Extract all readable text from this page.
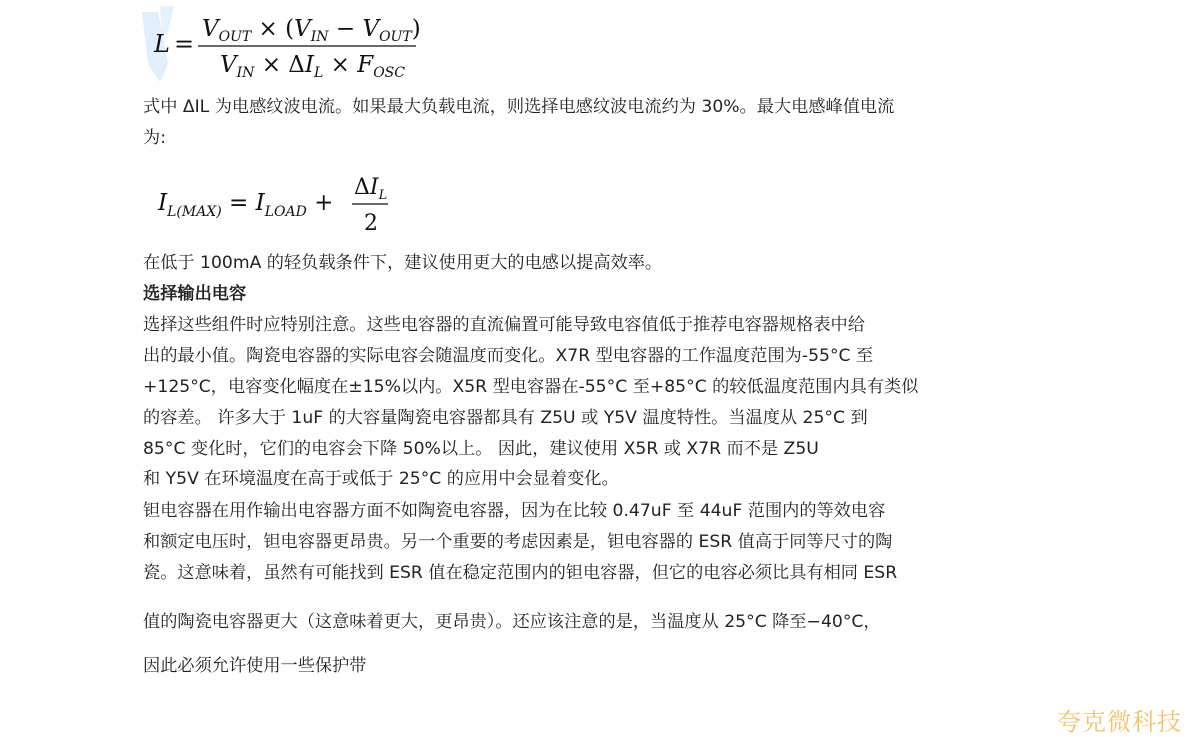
L =
$V_{OUT} \times (V_{IN} - V_{OUT})$
$V_{IN} \times \Delta I_L \times F_{OSC}$

式中 ΔIL 为电感纹波电流。如果最大负载电流，则选择电感纹波电流约为 30%。最大电感峰值电流

为:

$I_{L(MAX)} = I_{LOAD}$ +
$\Delta I_L$
2

在低于 100mA 的轻负载条件下，建议使用更大的电感以提高效率。

选择输出电容

选择这些组件时应特别注意。这些电容器的直流偏置可能导致电容值低于推荐电容器规格表中给

出的最小值。陶瓷电容器的实际电容会随温度而变化。X7R 型电容器的工作温度范围为-55°C 至

+125°C，电容变化幅度在±15%以内。X5R 型电容器在-55°C 至+85°C 的较低温度范围内具有类似

的容差。 许多大于 1uF 的大容量陶瓷电容器都具有 Z5U 或 Y5V 温度特性。当温度从 25°C 到

85°C 变化时，它们的电容会下降 50%以上。 因此，建议使用 X5R 或 X7R 而不是 Z5U

和 Y5V 在环境温度在高于或低于 25°C 的应用中会显着变化。

钽电容器在用作输出电容器方面不如陶瓷电容器，因为在比较 0.47uF 至 44uF 范围内的等效电容

和额定电压时，钽电容器更昂贵。另一个重要的考虑因素是，钽电容器的 ESR 值高于同等尺寸的陶

瓷。这意味着，虽然有可能找到 ESR 值在稳定范围内的钽电容器，但它的电容必须比具有相同 ESR

值的陶瓷电容器更大（这意味着更大，更昂贵）。还应该注意的是，当温度从 25°C 降至−40°C，

因此必须允许使用一些保护带

夸克微科技
